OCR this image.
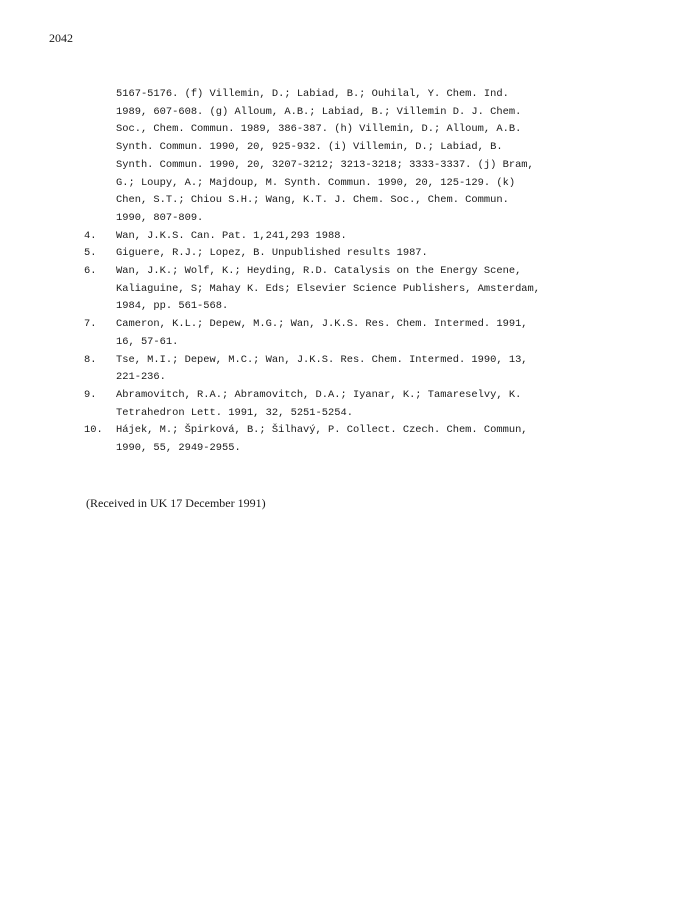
2042
5167-5176. (f) Villemin, D.; Labiad, B.; Ouhilal, Y. Chem. Ind.
1989, 607-608. (g) Alloum, A.B.; Labiad, B.; Villemin D. J. Chem.
Soc., Chem. Commun. 1989, 386-387. (h) Villemin, D.; Alloum, A.B.
Synth. Commun. 1990, 20, 925-932. (i) Villemin, D.; Labiad, B.
Synth. Commun. 1990, 20, 3207-3212; 3213-3218; 3333-3337. (j) Bram,
G.; Loupy, A.; Majdoup, M. Synth. Commun. 1990, 20, 125-129. (k)
Chen, S.T.; Chiou S.H.; Wang, K.T. J. Chem. Soc., Chem. Commun.
1990, 807-809.
4.	Wan, J.K.S. Can. Pat. 1,241,293 1988.
5.	Giguere, R.J.; Lopez, B. Unpublished results 1987.
6.	Wan, J.K.; Wolf, K.; Heyding, R.D. Catalysis on the Energy Scene,
Kaliaguine, S; Mahay K. Eds; Elsevier Science Publishers, Amsterdam,
1984, pp. 561-568.
7.	Cameron, K.L.; Depew, M.G.; Wan, J.K.S. Res. Chem. Intermed. 1991,
16, 57-61.
8.	Tse, M.I.; Depew, M.C.; Wan, J.K.S. Res. Chem. Intermed. 1990, 13,
221-236.
9.	Abramovitch, R.A.; Abramovitch, D.A.; Iyanar, K.; Tamareselvy, K.
Tetrahedron Lett. 1991, 32, 5251-5254.
10.	Hájek, M.; Špirková, B.; Šilhavý, P. Collect. Czech. Chem. Commun,
1990, 55, 2949-2955.
(Received in UK 17 December 1991)
